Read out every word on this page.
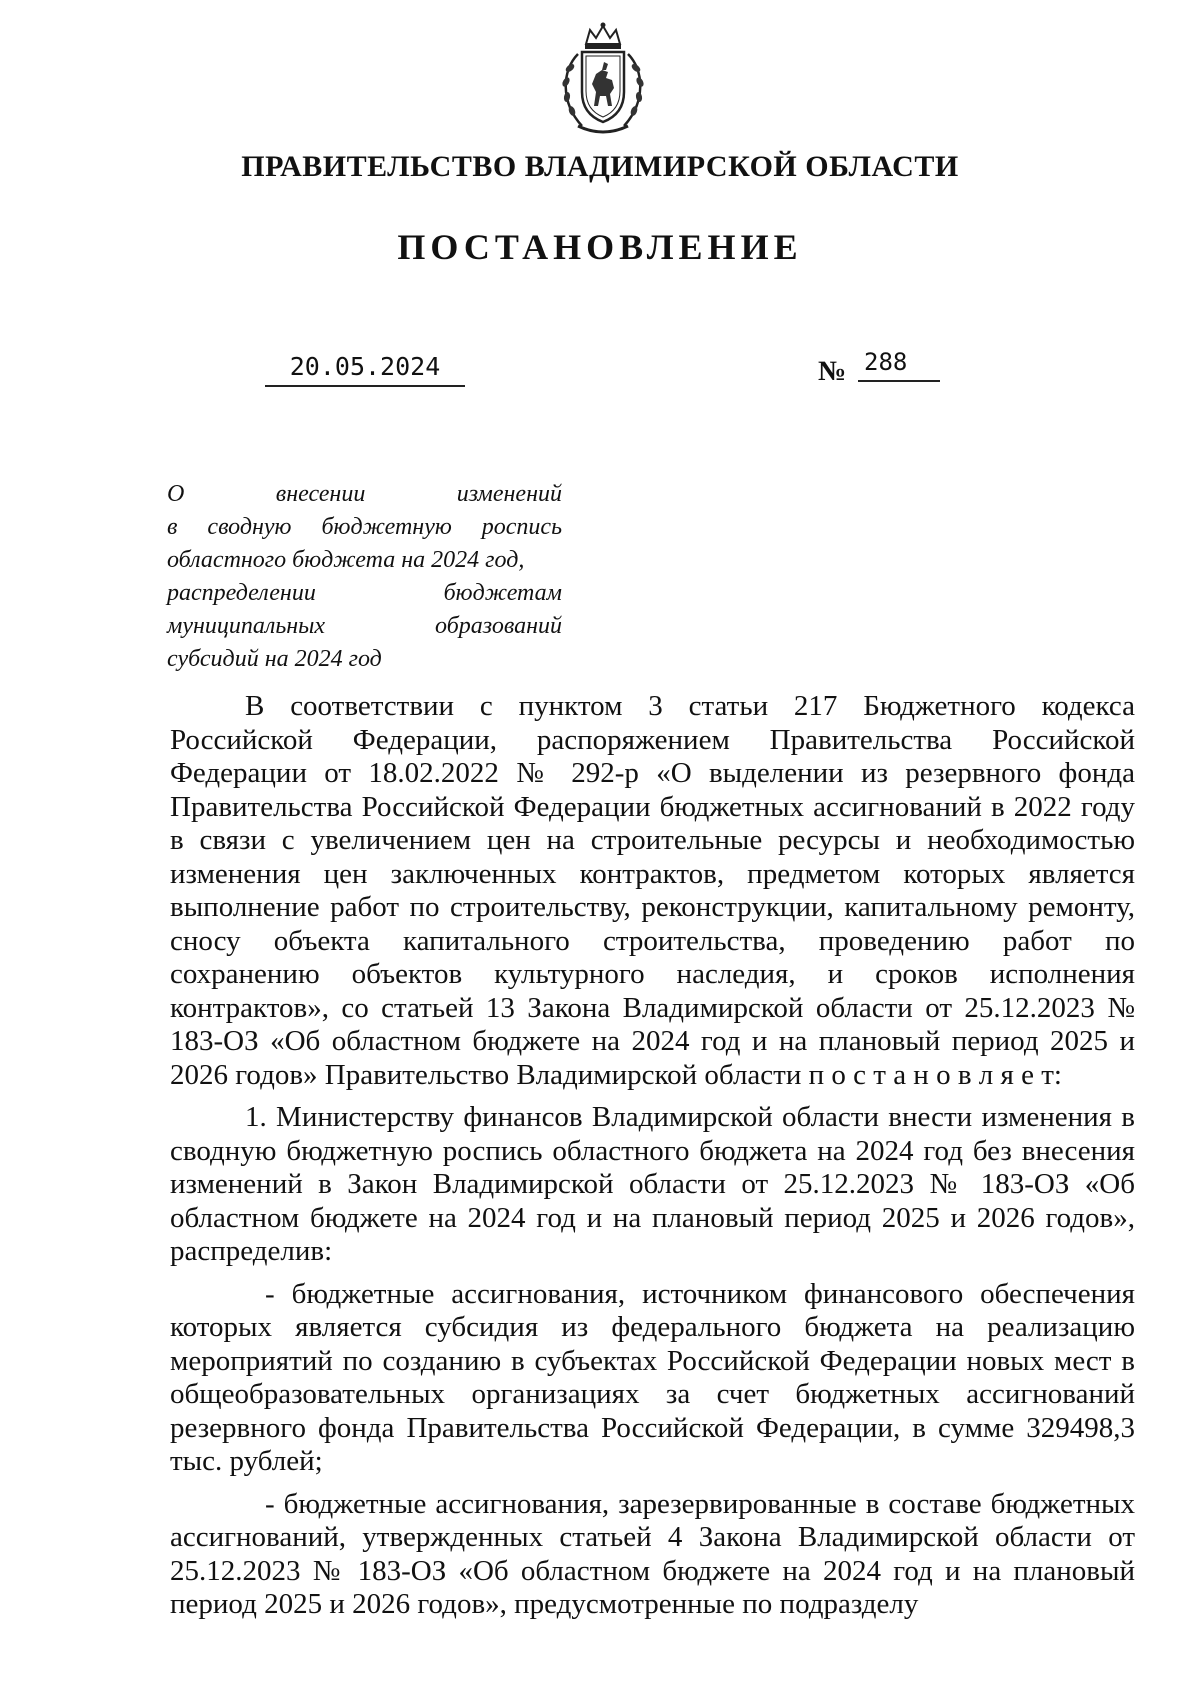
ПРАВИТЕЛЬСТВО ВЛАДИМИРСКОЙ ОБЛАСТИ
ПОСТАНОВЛЕНИЕ
20.05.2024	№ 288
О внесении изменений
в сводную бюджетную роспись
областного бюджета на 2024 год,
распределении бюджетам
муниципальных образований
субсидий на 2024 год

В соответствии с пунктом 3 статьи 217 Бюджетного кодекса Российской Федерации, распоряжением Правительства Российской Федерации от 18.02.2022 № 292-р «О выделении из резервного фонда Правительства Российской Федерации бюджетных ассигнований в 2022 году в связи с увеличением цен на строительные ресурсы и необходимостью изменения цен заключенных контрактов, предметом которых является выполнение работ по строительству, реконструкции, капитальному ремонту, сносу объекта капитального строительства, проведению работ по сохранению объектов культурного наследия, и сроков исполнения контрактов», со статьей 13 Закона Владимирской области от 25.12.2023 № 183-ОЗ «Об областном бюджете на 2024 год и на плановый период 2025 и 2026 годов» Правительство Владимирской области п о с т а н о в л я е т:

1. Министерству финансов Владимирской области внести изменения в сводную бюджетную роспись областного бюджета на 2024 год без внесения изменений в Закон Владимирской области от 25.12.2023 № 183-ОЗ «Об областном бюджете на 2024 год и на плановый период 2025 и 2026 годов», распределив:

- бюджетные ассигнования, источником финансового обеспечения которых является субсидия из федерального бюджета на реализацию мероприятий по созданию в субъектах Российской Федерации новых мест в общеобразовательных организациях за счет бюджетных ассигнований резервного фонда Правительства Российской Федерации, в сумме 329498,3 тыс. рублей;

- бюджетные ассигнования, зарезервированные в составе бюджетных ассигнований, утвержденных статьей 4 Закона Владимирской области от 25.12.2023 № 183-ОЗ «Об областном бюджете на 2024 год и на плановый период 2025 и 2026 годов», предусмотренные по подразделу
